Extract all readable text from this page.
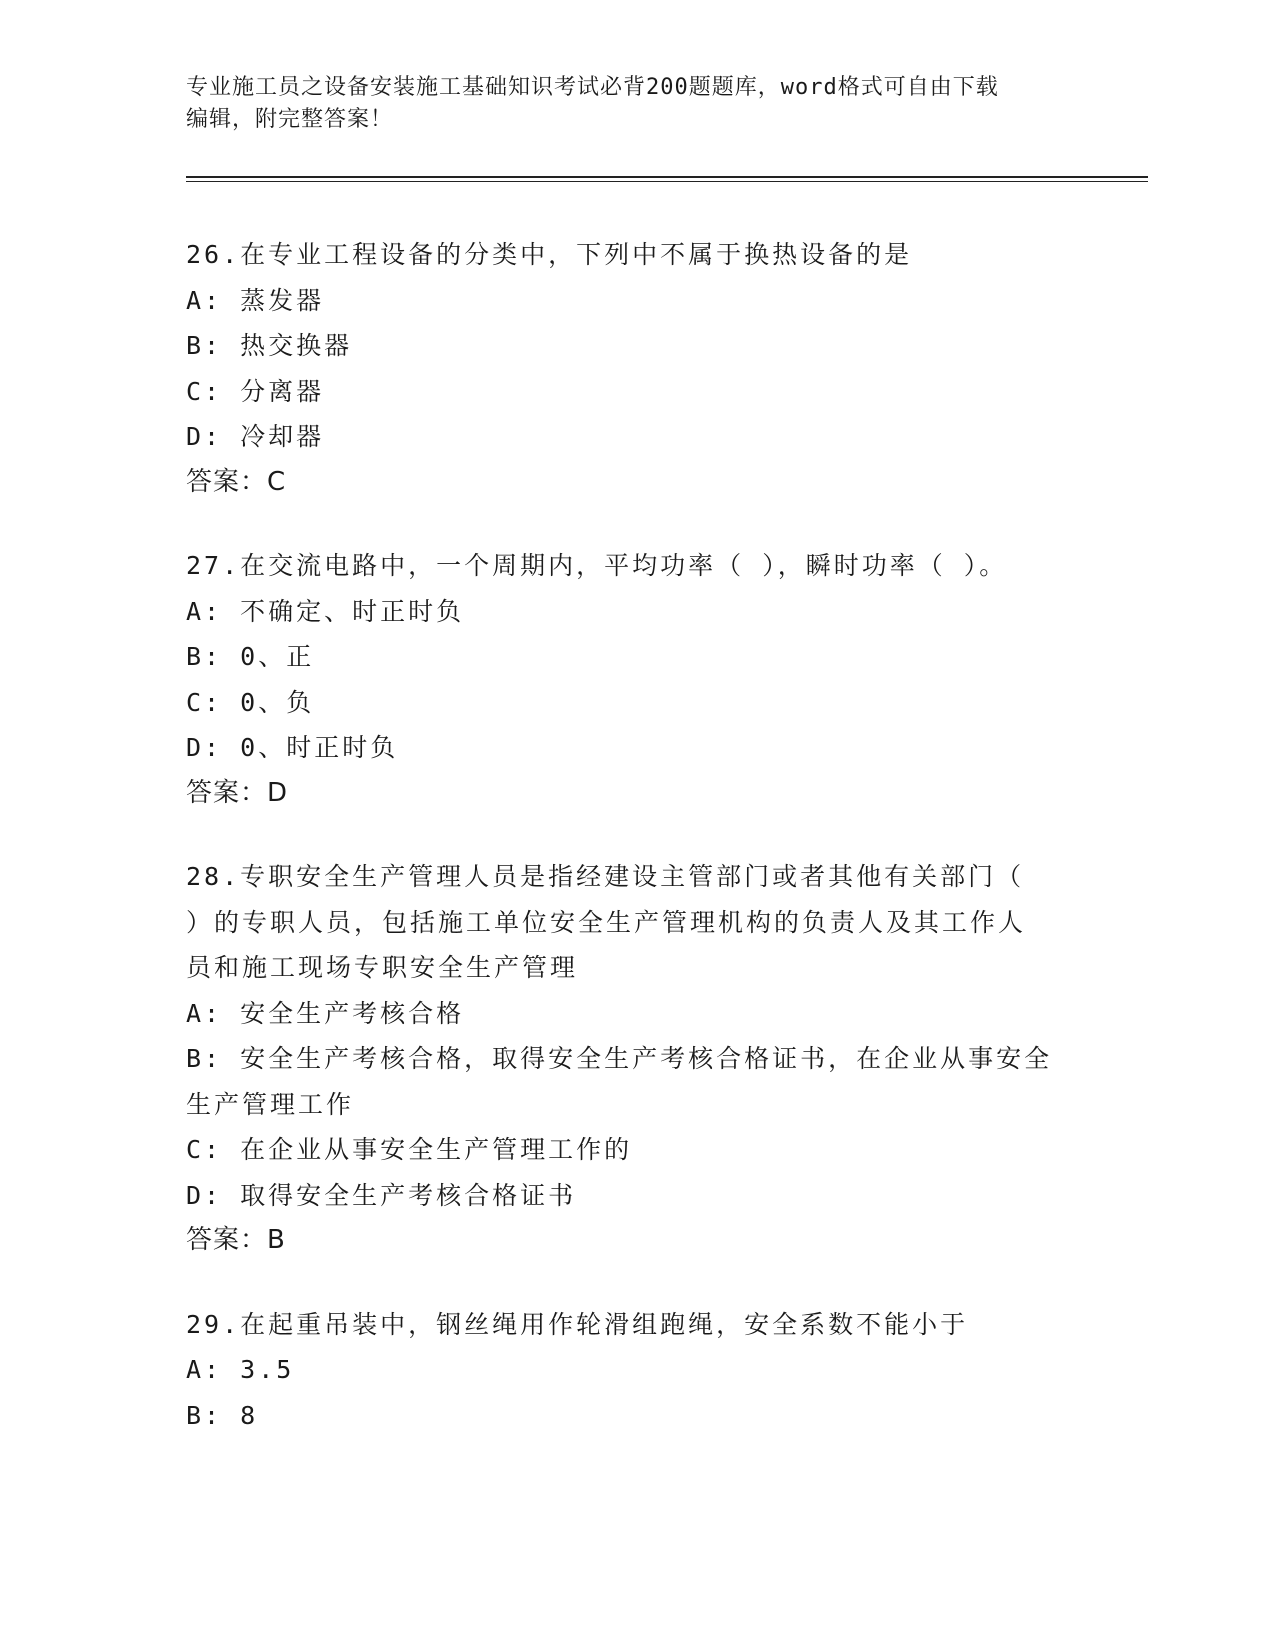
专业施工员之设备安装施工基础知识考试必背200题题库，word格式可自由下载
编辑，附完整答案！

26.在专业工程设备的分类中，下列中不属于换热设备的是

A: 蒸发器

B: 热交换器

C: 分离器

D: 冷却器

答案：C

27.在交流电路中，一个周期内，平均功率（ ），瞬时功率（ ）。

A: 不确定、时正时负

B: 0、正

C: 0、负

D: 0、时正时负

答案：D

28.专职安全生产管理人员是指经建设主管部门或者其他有关部门（

）的专职人员，包括施工单位安全生产管理机构的负责人及其工作人

员和施工现场专职安全生产管理

A: 安全生产考核合格

B: 安全生产考核合格，取得安全生产考核合格证书，在企业从事安全

生产管理工作

C: 在企业从事安全生产管理工作的

D: 取得安全生产考核合格证书

答案：B

29.在起重吊装中，钢丝绳用作轮滑组跑绳，安全系数不能小于

A: 3.5

B: 8
